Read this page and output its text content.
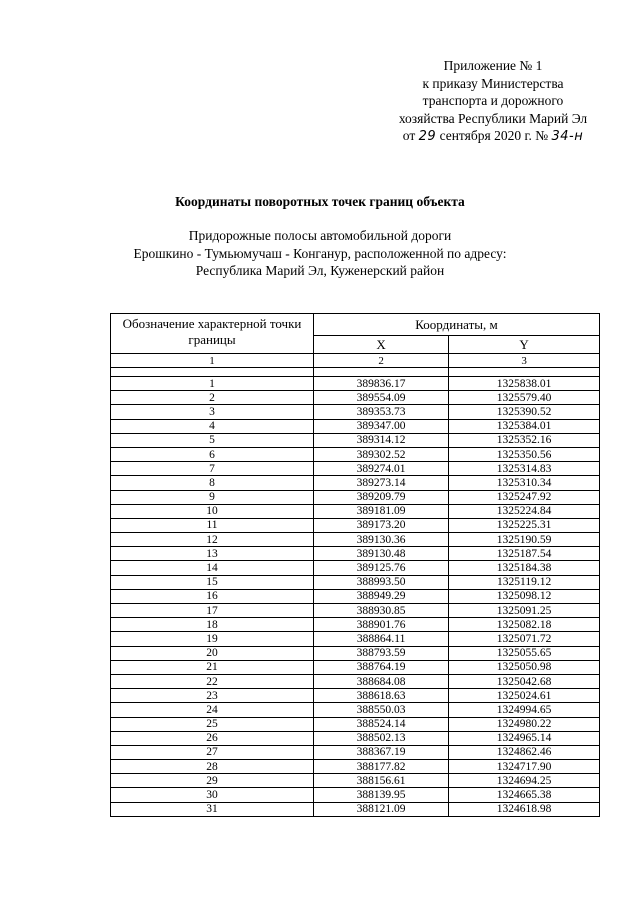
Приложение № 1
к приказу Министерства
транспорта и дорожного
хозяйства Республики Марий Эл
от 29 сентября 2020 г. № 34-н
Координаты поворотных точек границ объекта
Придорожные полосы автомобильной дороги
Ерошкино - Тумьюмучаш - Конганур, расположенной по адресу:
Республика Марий Эл, Куженерский район
Обозначение характерной точки границы	Координаты, м	
	X	Y
1	2	3

1	389836.17	1325838.01
2	389554.09	1325579.40
3	389353.73	1325390.52
4	389347.00	1325384.01
5	389314.12	1325352.16
6	389302.52	1325350.56
7	389274.01	1325314.83
8	389273.14	1325310.34
9	389209.79	1325247.92
10	389181.09	1325224.84
11	389173.20	1325225.31
12	389130.36	1325190.59
13	389130.48	1325187.54
14	389125.76	1325184.38
15	388993.50	1325119.12
16	388949.29	1325098.12
17	388930.85	1325091.25
18	388901.76	1325082.18
19	388864.11	1325071.72
20	388793.59	1325055.65
21	388764.19	1325050.98
22	388684.08	1325042.68
23	388618.63	1325024.61
24	388550.03	1324994.65
25	388524.14	1324980.22
26	388502.13	1324965.14
27	388367.19	1324862.46
28	388177.82	1324717.90
29	388156.61	1324694.25
30	388139.95	1324665.38
31	388121.09	1324618.98
